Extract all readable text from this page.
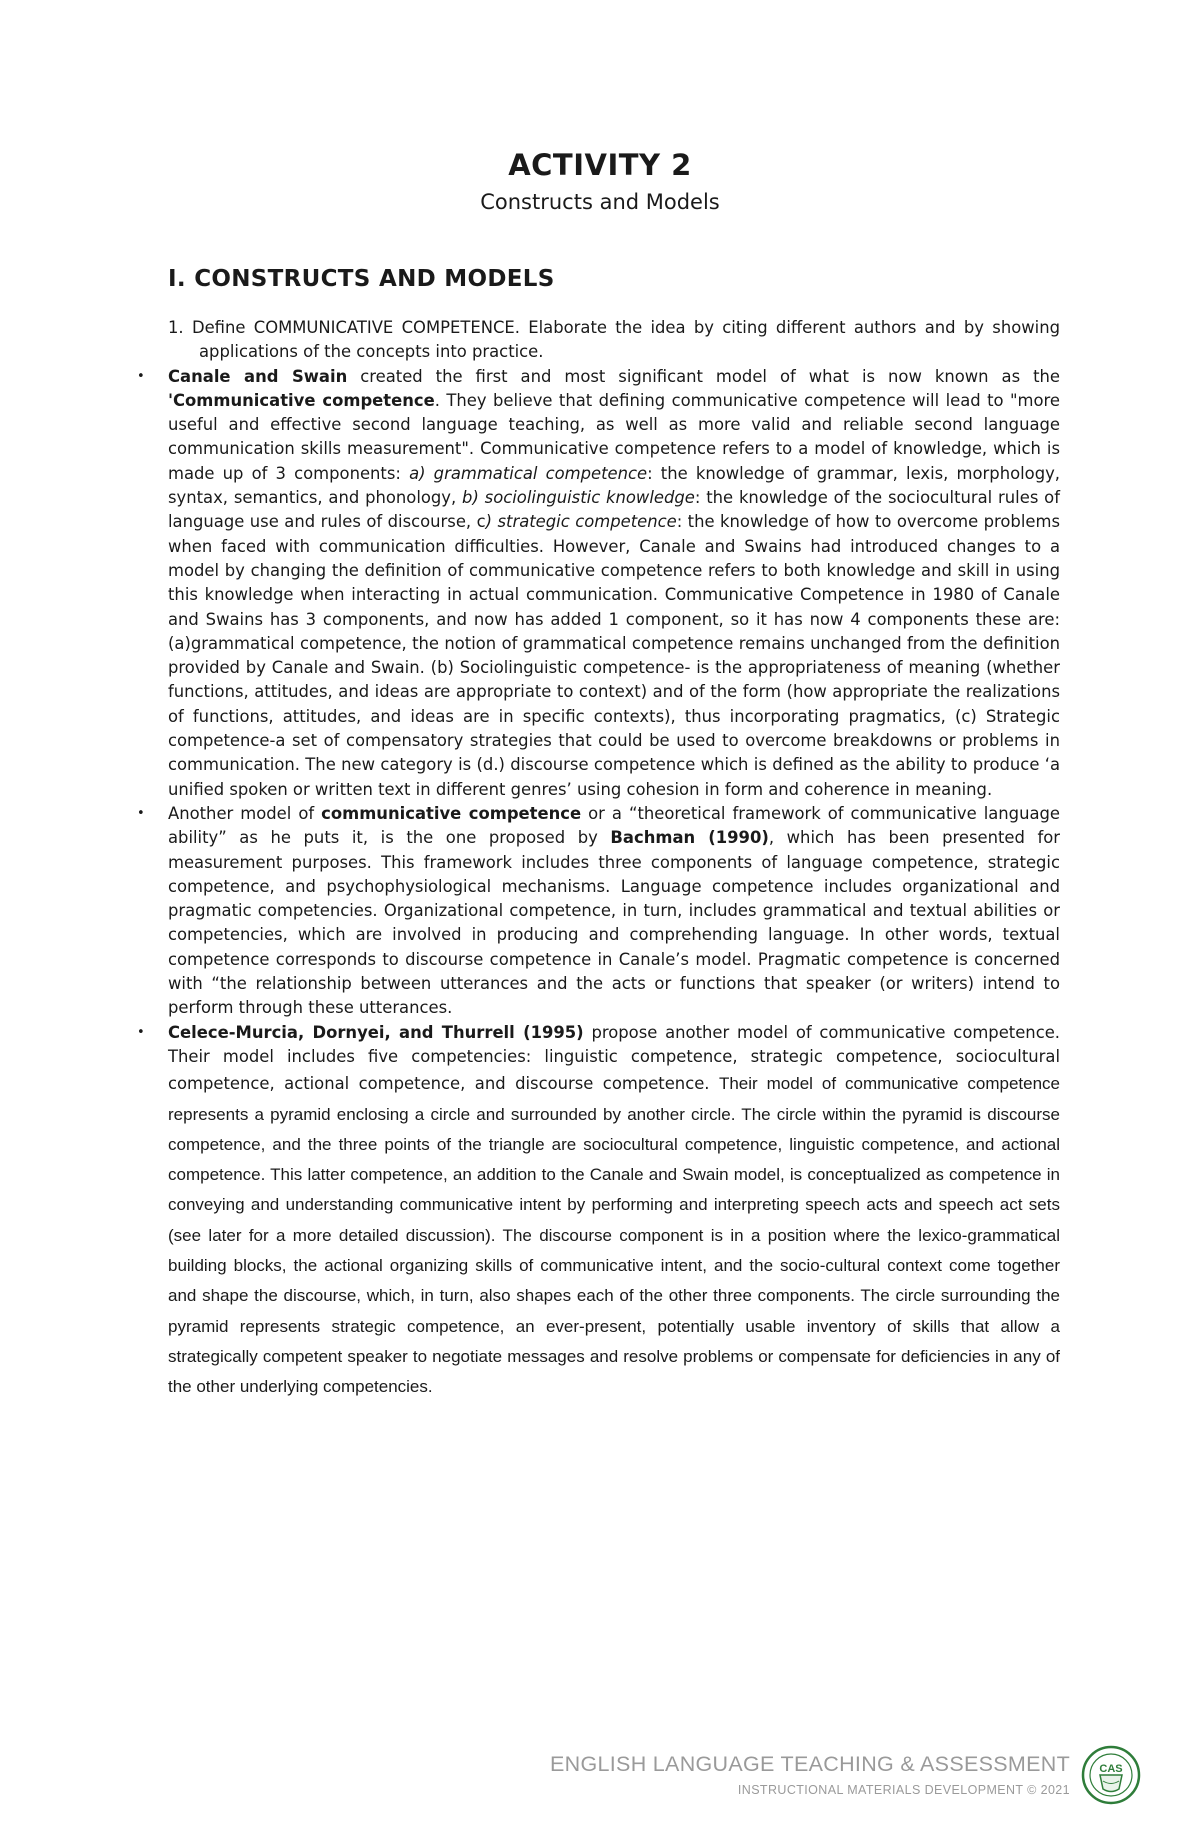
ACTIVITY 2
Constructs and Models
I. CONSTRUCTS AND MODELS

1. Define COMMUNICATIVE COMPETENCE. Elaborate the idea by citing different authors and by showing applications of the concepts into practice.

• Canale and Swain created the first and most significant model of what is now known as the 'Communicative competence. They believe that defining communicative competence will lead to "more useful and effective second language teaching, as well as more valid and reliable second language communication skills measurement". Communicative competence refers to a model of knowledge, which is made up of 3 components: a) grammatical competence: the knowledge of grammar, lexis, morphology, syntax, semantics, and phonology, b) sociolinguistic knowledge: the knowledge of the sociocultural rules of language use and rules of discourse, c) strategic competence: the knowledge of how to overcome problems when faced with communication difficulties. However, Canale and Swains had introduced changes to a model by changing the definition of communicative competence refers to both knowledge and skill in using this knowledge when interacting in actual communication. Communicative Competence in 1980 of Canale and Swains has 3 components, and now has added 1 component, so it has now 4 components these are: (a)grammatical competence, the notion of grammatical competence remains unchanged from the definition provided by Canale and Swain. (b) Sociolinguistic competence- is the appropriateness of meaning (whether functions, attitudes, and ideas are appropriate to context) and of the form (how appropriate the realizations of functions, attitudes, and ideas are in specific contexts), thus incorporating pragmatics, (c) Strategic competence-a set of compensatory strategies that could be used to overcome breakdowns or problems in communication. The new category is (d.) discourse competence which is defined as the ability to produce ‘a unified spoken or written text in different genres’ using cohesion in form and coherence in meaning.
• Another model of communicative competence or a “theoretical framework of communicative language ability” as he puts it, is the one proposed by Bachman (1990), which has been presented for measurement purposes. This framework includes three components of language competence, strategic competence, and psychophysiological mechanisms. Language competence includes organizational and pragmatic competencies. Organizational competence, in turn, includes grammatical and textual abilities or competencies, which are involved in producing and comprehending language. In other words, textual competence corresponds to discourse competence in Canale’s model. Pragmatic competence is concerned with “the relationship between utterances and the acts or functions that speaker (or writers) intend to perform through these utterances.
• Celece-Murcia, Dornyei, and Thurrell (1995) propose another model of communicative competence. Their model includes five competencies: linguistic competence, strategic competence, sociocultural competence, actional competence, and discourse competence. Their model of communicative competence represents a pyramid enclosing a circle and surrounded by another circle. The circle within the pyramid is discourse competence, and the three points of the triangle are sociocultural competence, linguistic competence, and actional competence. This latter competence, an addition to the Canale and Swain model, is conceptualized as competence in conveying and understanding communicative intent by performing and interpreting speech acts and speech act sets (see later for a more detailed discussion). The discourse component is in a position where the lexico-grammatical building blocks, the actional organizing skills of communicative intent, and the socio-cultural context come together and shape the discourse, which, in turn, also shapes each of the other three components. The circle surrounding the pyramid represents strategic competence, an ever-present, potentially usable inventory of skills that allow a strategically competent speaker to negotiate messages and resolve problems or compensate for deficiencies in any of the other underlying competencies.
ENGLISH LANGUAGE TEACHING & ASSESSMENT
INSTRUCTIONAL MATERIALS DEVELOPMENT © 2021
CAS
